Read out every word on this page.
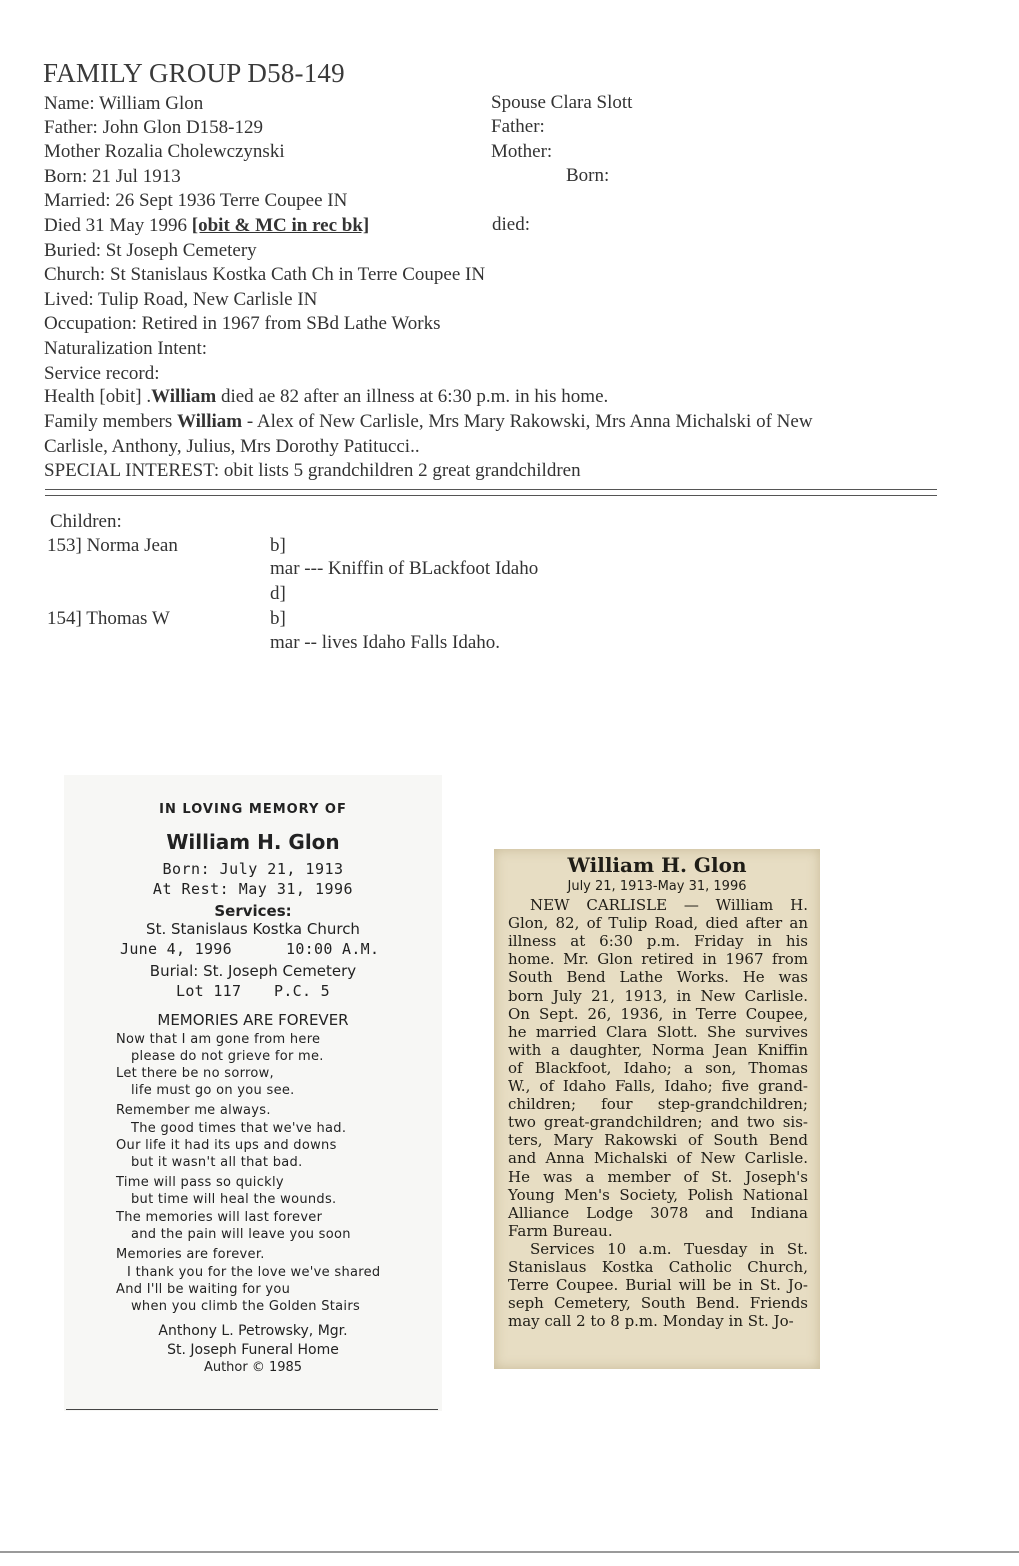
FAMILY GROUP D58-149
Name: William Glon
Father: John Glon D158-129
Mother Rozalia Cholewczynski
Born: 21 Jul 1913
Married: 26 Sept 1936 Terre Coupee IN
Died 31 May 1996 [obit & MC in rec bk]
Buried: St Joseph Cemetery
Church: St Stanislaus Kostka Cath Ch in Terre Coupee IN
Lived: Tulip Road, New Carlisle IN
Occupation: Retired in 1967 from SBd Lathe Works
Naturalization Intent:
Service record:
Health [obit] .William died ae 82 after an illness at 6:30 p.m. in his home.
Family members William - Alex of New Carlisle, Mrs Mary Rakowski, Mrs Anna Michalski of New
Carlisle, Anthony, Julius, Mrs Dorothy Patitucci..
SPECIAL INTEREST: obit lists 5 grandchildren 2 great grandchildren
Spouse Clara Slott
Father:
Mother:
Born:
died:
Children:
153] Norma Jean	b]
mar --- Kniffin of BLackfoot Idaho
d]
154] Thomas W	b]
mar -- lives Idaho Falls Idaho.
IN LOVING MEMORY OF
William H. Glon
Born: July 21, 1913
At Rest: May 31, 1996
Services:
St. Stanislaus Kostka Church
June 4, 1996	10:00 A.M.
Burial: St. Joseph Cemetery
Lot 117 P.C. 5
MEMORIES ARE FOREVER
Now that I am gone from here
please do not grieve for me.
Let there be no sorrow,
life must go on you see.
Remember me always.
The good times that we've had.
Our life it had its ups and downs
but it wasn't all that bad.
Time will pass so quickly
but time will heal the wounds.
The memories will last forever
and the pain will leave you soon
Memories are forever.
I thank you for the love we've shared
And I'll be waiting for you
when you climb the Golden Stairs
Anthony L. Petrowsky, Mgr.
St. Joseph Funeral Home
Author © 1985
William H. Glon
July 21, 1913-May 31, 1996
NEW CARLISLE — William H.
Glon, 82, of Tulip Road, died after an
illness at 6:30 p.m. Friday in his
home. Mr. Glon retired in 1967 from
South Bend Lathe Works. He was
born July 21, 1913, in New Carlisle.
On Sept. 26, 1936, in Terre Coupee,
he married Clara Slott. She survives
with a daughter, Norma Jean Kniffin
of Blackfoot, Idaho; a son, Thomas
W., of Idaho Falls, Idaho; five grand-
children; four step-grandchildren;
two great-grandchildren; and two sis-
ters, Mary Rakowski of South Bend
and Anna Michalski of New Carlisle.
He was a member of St. Joseph's
Young Men's Society, Polish National
Alliance Lodge 3078 and Indiana
Farm Bureau.
Services 10 a.m. Tuesday in St.
Stanislaus Kostka Catholic Church,
Terre Coupee. Burial will be in St. Jo-
seph Cemetery, South Bend. Friends
may call 2 to 8 p.m. Monday in St. Jo-
